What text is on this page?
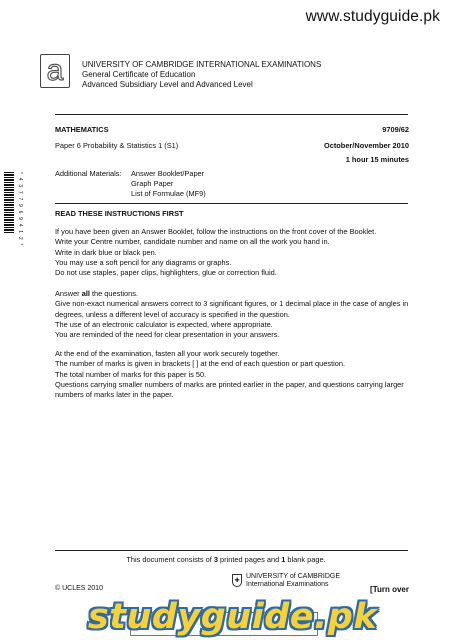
www.studyguide.pk
a UNIVERSITY OF CAMBRIDGE INTERNATIONAL EXAMINATIONS
General Certificate of Education
Advanced Subsidiary Level and Advanced Level
MATHEMATICS	9709/62
Paper 6 Probability & Statistics 1 (S1)	October/November 2010
1 hour 15 minutes
Additional Materials: Answer Booklet/Paper
Graph Paper
List of Formulae (MF9)
* 4 3 7 7 9 6 9 4 1 2 *	READ THESE INSTRUCTIONS FIRST
If you have been given an Answer Booklet, follow the instructions on the front cover of the Booklet.
Write your Centre number, candidate number and name on all the work you hand in.
Write in dark blue or black pen.
You may use a soft pencil for any diagrams or graphs.
Do not use staples, paper clips, highlighters, glue or correction fluid.
Answer all the questions.
Give non-exact numerical answers correct to 3 significant figures, or 1 decimal place in the case of angles in degrees, unless a different level of accuracy is specified in the question.
The use of an electronic calculator is expected, where appropriate.
You are reminded of the need for clear presentation in your answers.
At the end of the examination, fasten all your work securely together.
The number of marks is given in brackets [ ] at the end of each question or part question.
The total number of marks for this paper is 50.
Questions carrying smaller numbers of marks are printed earlier in the paper, and questions carrying larger numbers of marks later in the paper.
This document consists of 3 printed pages and 1 blank page.
© UCLES 2010
✚
UNIVERSITY of CAMBRIDGE
International Examinations
[Turn over
studyguide.pk
